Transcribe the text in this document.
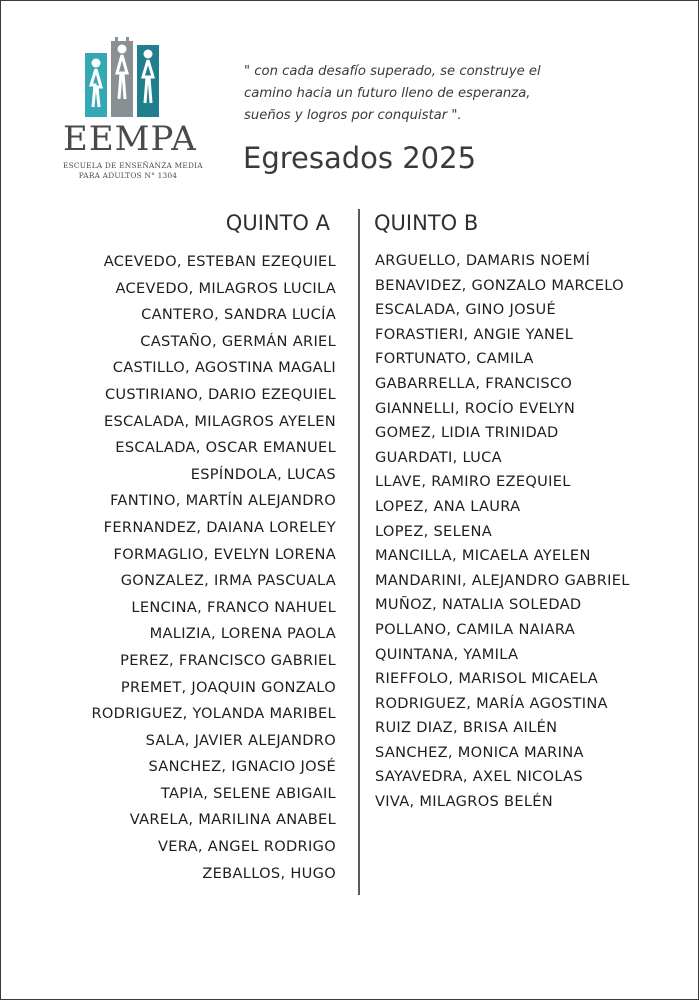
EEMPA
ESCUELA DE ENSEÑANZA MEDIA
PARA ADULTOS N° 1304
" con cada desafío superado, se construye el
camino hacia un futuro lleno de esperanza,
sueños y logros por conquistar ".
Egresados 2025
QUINTO A QUINTO B
ACEVEDO, ESTEBAN EZEQUIEL
ACEVEDO, MILAGROS LUCILA
CANTERO, SANDRA LUCÍA
CASTAÑO, GERMÁN ARIEL
CASTILLO, AGOSTINA MAGALI
CUSTIRIANO, DARIO EZEQUIEL
ESCALADA, MILAGROS AYELEN
ESCALADA, OSCAR EMANUEL
ESPÍNDOLA, LUCAS
FANTINO, MARTÍN ALEJANDRO
FERNANDEZ, DAIANA LORELEY
FORMAGLIO, EVELYN LORENA
GONZALEZ, IRMA PASCUALA
LENCINA, FRANCO NAHUEL
MALIZIA, LORENA PAOLA
PEREZ, FRANCISCO GABRIEL
PREMET, JOAQUIN GONZALO
RODRIGUEZ, YOLANDA MARIBEL
SALA, JAVIER ALEJANDRO
SANCHEZ, IGNACIO JOSÉ
TAPIA, SELENE ABIGAIL
VARELA, MARILINA ANABEL
VERA, ANGEL RODRIGO
ZEBALLOS, HUGO
ARGUELLO, DAMARIS NOEMÍ
BENAVIDEZ, GONZALO MARCELO
ESCALADA, GINO JOSUÉ
FORASTIERI, ANGIE YANEL
FORTUNATO, CAMILA
GABARRELLA, FRANCISCO
GIANNELLI, ROCÍO EVELYN
GOMEZ, LIDIA TRINIDAD
GUARDATI, LUCA
LLAVE, RAMIRO EZEQUIEL
LOPEZ, ANA LAURA
LOPEZ, SELENA
MANCILLA, MICAELA AYELEN
MANDARINI, ALEJANDRO GABRIEL
MUÑOZ, NATALIA SOLEDAD
POLLANO, CAMILA NAIARA
QUINTANA, YAMILA
RIEFFOLO, MARISOL MICAELA
RODRIGUEZ, MARÍA AGOSTINA
RUIZ DIAZ, BRISA AILÉN
SANCHEZ, MONICA MARINA
SAYAVEDRA, AXEL NICOLAS
VIVA, MILAGROS BELÉN
